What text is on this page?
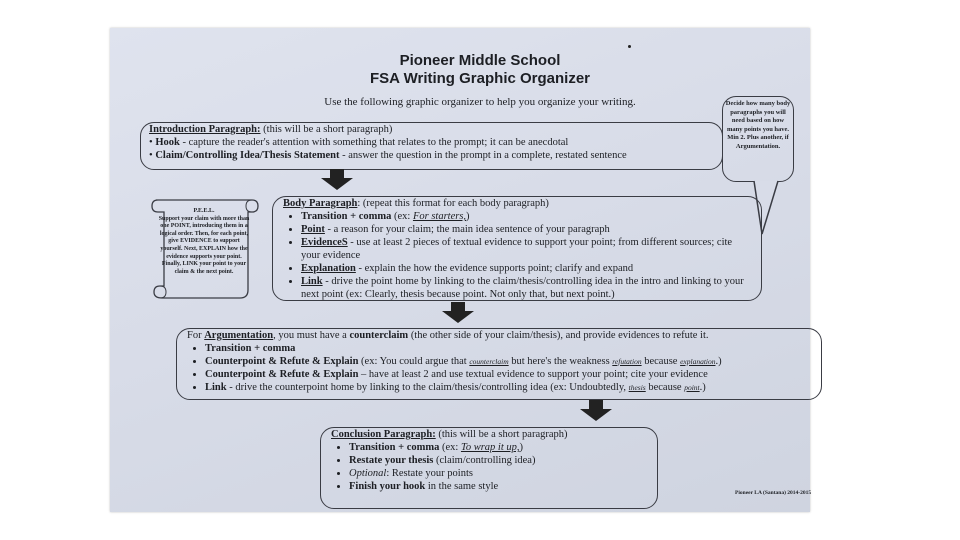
Pioneer Middle School
FSA Writing Graphic Organizer
Use the following graphic organizer to help you organize your writing.
Introduction Paragraph: (this will be a short paragraph)
• Hook - capture the reader's attention with something that relates to the prompt; it can be anecdotal
• Claim/Controlling Idea/Thesis Statement - answer the question in the prompt in a complete, restated sentence
Decide how many body paragraphs you will need based on how many points you have. Min 2. Plus another, if Argumentation.
P.E.E.L.
Support your claim with more than one POINT, introducing them in a logical order. Then, for each point, give EVIDENCE to support yourself. Next, EXPLAIN how the evidence supports your point. Finally, LINK your point to your claim & the next point.
Body Paragraph: (repeat this format for each body paragraph)
• Transition + comma (ex: For starters,)
• Point - a reason for your claim; the main idea sentence of your paragraph
• EvidenceS - use at least 2 pieces of textual evidence to support your point; from different sources; cite your evidence
• Explanation - explain the how the evidence supports point; clarify and expand
• Link - drive the point home by linking to the claim/thesis/controlling idea in the intro and linking to your next point (ex: Clearly, thesis because point. Not only that, but next point.)
For Argumentation, you must have a counterclaim (the other side of your claim/thesis), and provide evidences to refute it.
• Transition + comma
• Counterpoint & Refute & Explain (ex: You could argue that counterclaim but here's the weakness refutation because explanation.)
• Counterpoint & Refute & Explain – have at least 2 and use textual evidence to support your point; cite your evidence
• Link - drive the counterpoint home by linking to the claim/thesis/controlling idea (ex: Undoubtedly, thesis because point.)
Conclusion Paragraph: (this will be a short paragraph)
• Transition + comma (ex: To wrap it up,)
• Restate your thesis (claim/controlling idea)
• Optional: Restate your points
• Finish your hook in the same style
Pioneer LA (Santana) 2014-2015
